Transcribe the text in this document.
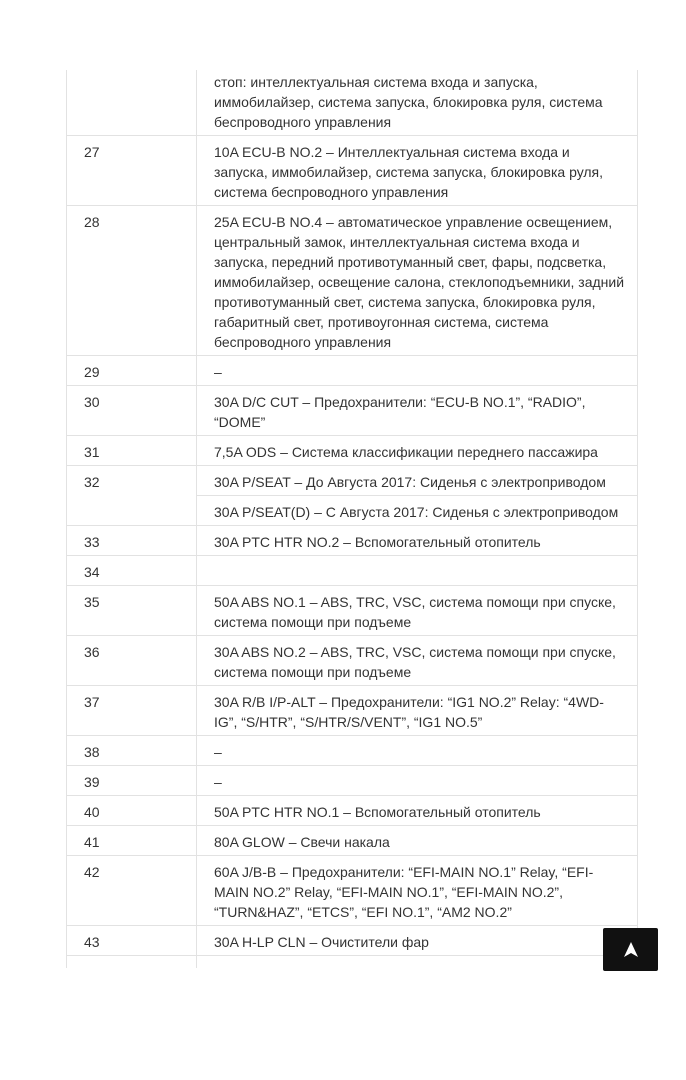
	стоп: интеллектуальная система входа и запуска, иммобилайзер, система запуска, блокировка руля, система беспроводного управления
27	10A ECU-B NO.2 – Интеллектуальная система входа и запуска, иммобилайзер, система запуска, блокировка руля, система беспроводного управления
28	25A ECU-B NO.4 – автоматическое управление освещением, центральный замок, интеллектуальная система входа и запуска, передний противотуманный свет, фары, подсветка, иммобилайзер, освещение салона, стеклоподъемники, задний противотуманный свет, система запуска, блокировка руля, габаритный свет, противоугонная система, система беспроводного управления
29	–
30	30A D/C CUT – Предохранители: “ECU-B NO.1”, “RADIO”, “DOME”
31	7,5A ODS – Система классификации переднего пассажира
32	30A P/SEAT – До Августа 2017: Сиденья с электроприводом
	30A P/SEAT(D) – С Августа 2017: Сиденья с электроприводом
33	30A PTC HTR NO.2 – Вспомогательный отопитель
34	
35	50A ABS NO.1 – ABS, TRC, VSC, система помощи при спуске, система помощи при подъеме
36	30A ABS NO.2 – ABS, TRC, VSC, система помощи при спуске, система помощи при подъеме
37	30A R/B I/P-ALT – Предохранители: “IG1 NO.2” Relay: “4WD-IG”, “S/HTR”, “S/HTR/S/VENT”, “IG1 NO.5”
38	–
39	–
40	50A PTC HTR NO.1 – Вспомогательный отопитель
41	80A GLOW – Свечи накала
42	60A J/B-B – Предохранители: “EFI-MAIN NO.1” Relay, “EFI-MAIN NO.2” Relay, “EFI-MAIN NO.1”, “EFI-MAIN NO.2”, “TURN&HAZ”, “ETCS”, “EFI NO.1”, “AM2 NO.2”
43	30A H-LP CLN – Очистители фар
